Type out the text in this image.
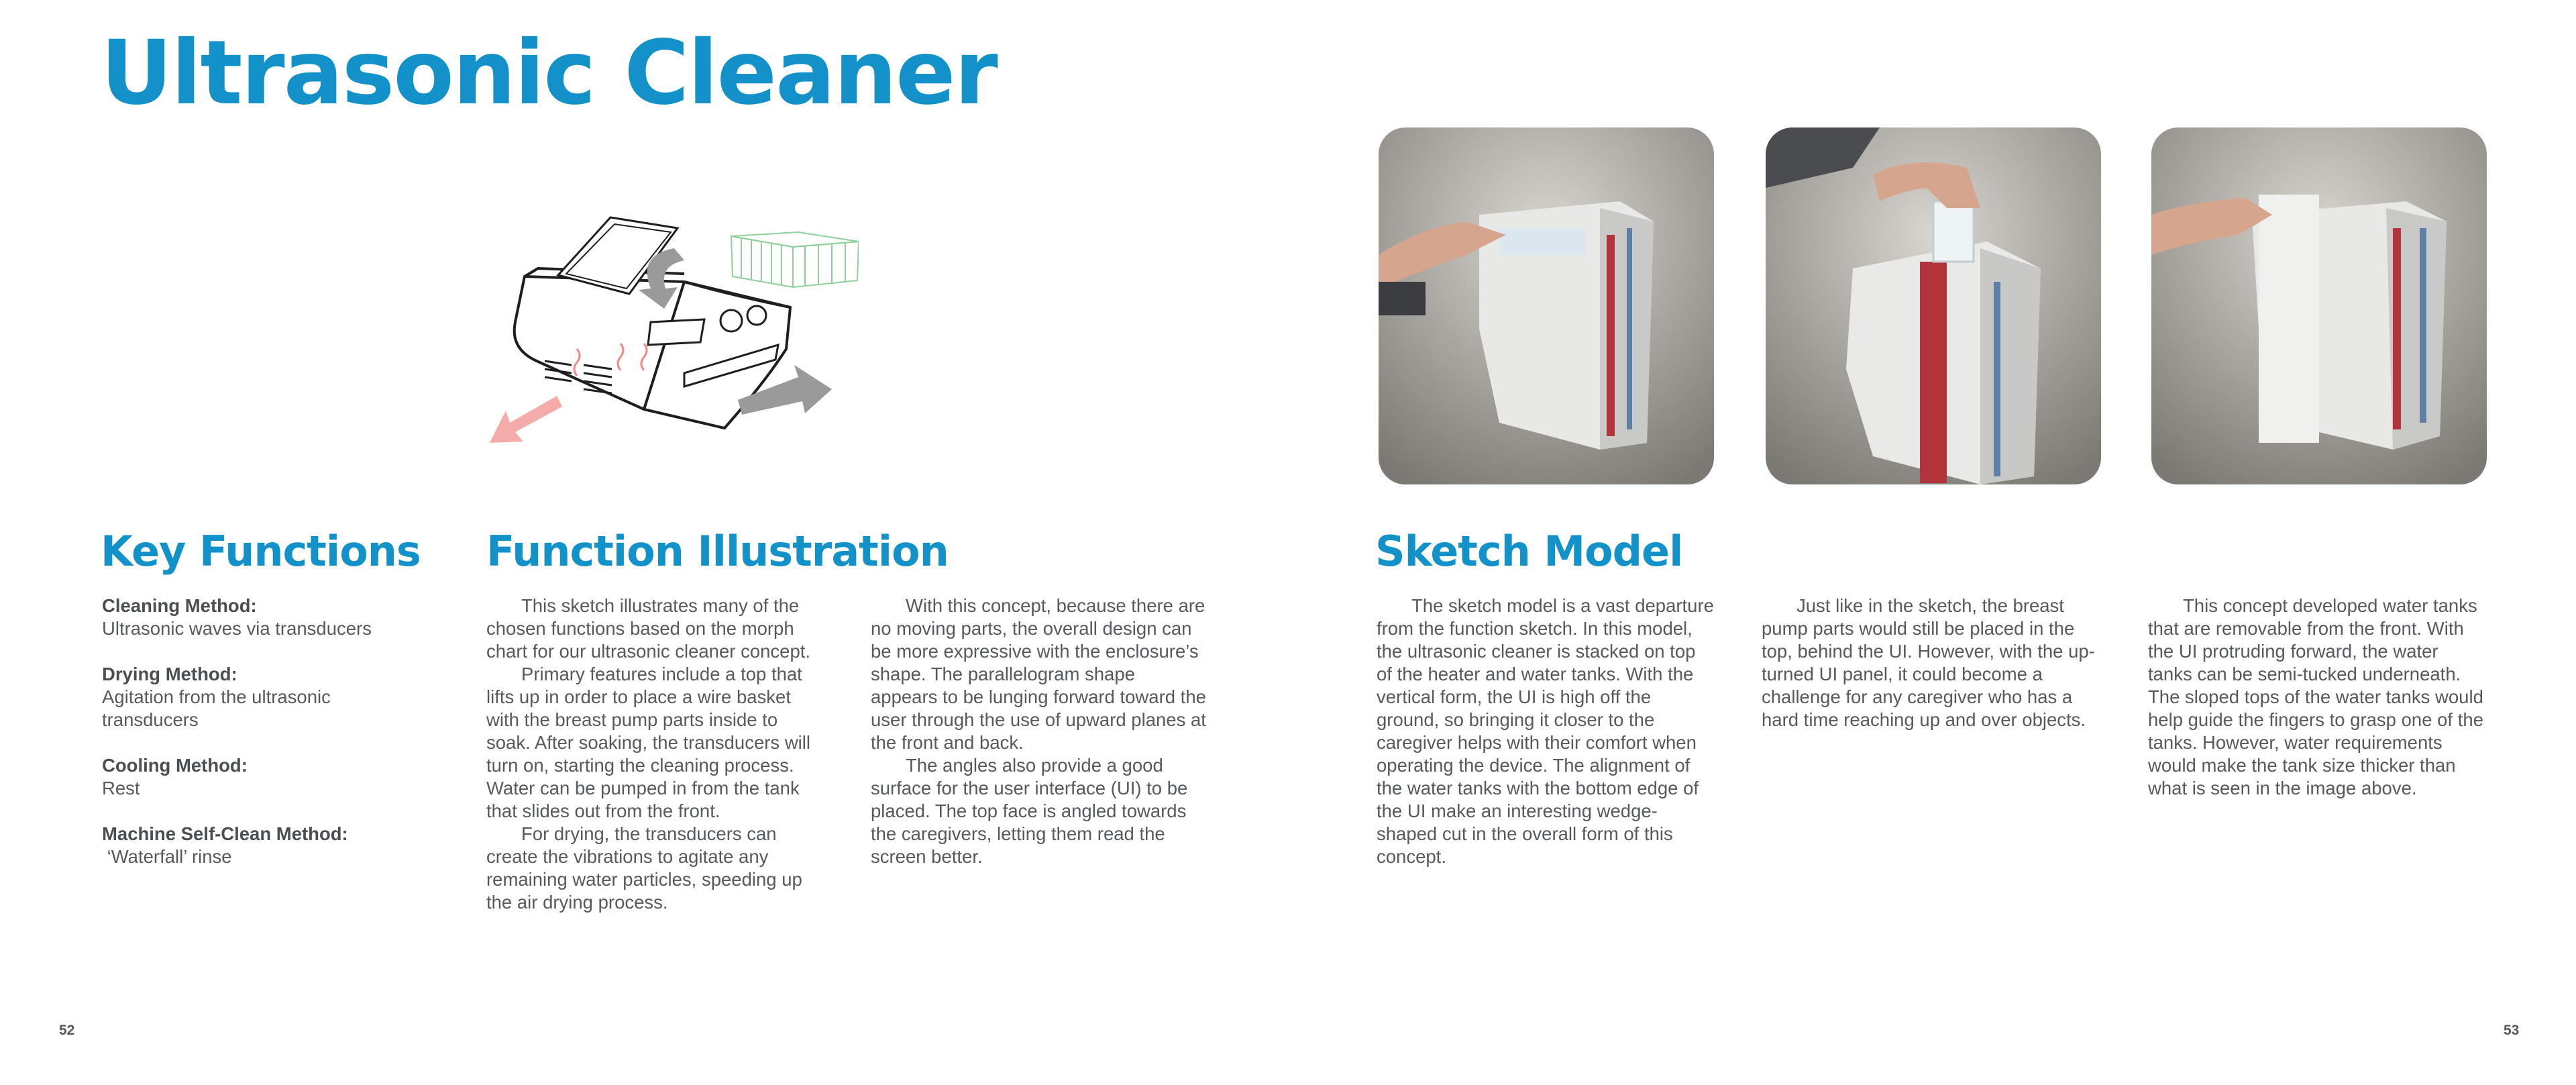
Ultrasonic Cleaner
Key Functions
Cleaning Method:
Ultrasonic waves via transducers
Drying Method:
Agitation from the ultrasonic transducers
Cooling Method:
Rest
Machine Self-Clean Method:
‘Waterfall’ rinse
Function Illustration

This sketch illustrates many of the chosen functions based on the morph chart for our ultrasonic cleaner concept.

Primary features include a top that lifts up in order to place a wire basket with the breast pump parts inside to soak. After soaking, the transducers will turn on, starting the cleaning process. Water can be pumped in from the tank that slides out from the front.

For drying, the transducers can create the vibrations to agitate any remaining water particles, speeding up the air drying process.

With this concept, because there are no moving parts, the overall design can be more expressive with the enclosure’s shape. The parallelogram shape appears to be lunging forward toward the user through the use of upward planes at the front and back.

The angles also provide a good surface for the user interface (UI) to be placed. The top face is angled towards the caregivers, letting them read the screen better.

Sketch Model

The sketch model is a vast departure from the function sketch. In this model, the ultrasonic cleaner is stacked on top of the heater and water tanks. With the vertical form, the UI is high off the ground, so bringing it closer to the caregiver helps with their comfort when operating the device. The alignment of the water tanks with the bottom edge of the UI make an interesting wedge-shaped cut in the overall form of this concept.

Just like in the sketch, the breast pump parts would still be placed in the top, behind the UI. However, with the up-turned UI panel, it could become a challenge for any caregiver who has a hard time reaching up and over objects.

This concept developed water tanks that are removable from the front. With the UI protruding forward, the water tanks can be semi-tucked underneath. The sloped tops of the water tanks would help guide the fingers to grasp one of the tanks. However, water requirements would make the tank size thicker than what is seen in the image above.

52	53
